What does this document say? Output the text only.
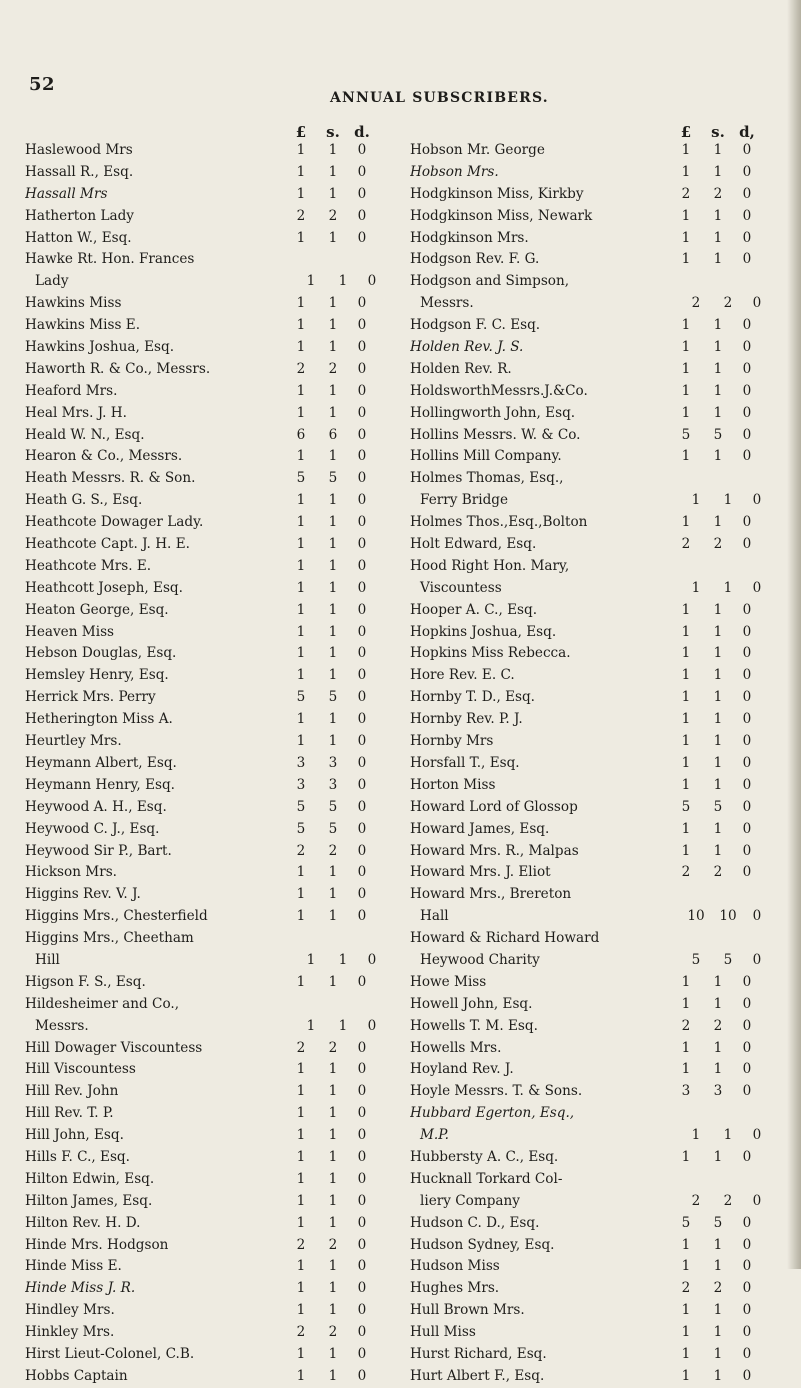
52
ANNUAL SUBSCRIBERS.
£	s. d.
Haslewood Mrs	1	1	0
Hassall R., Esq.	1	1	0
Hassall Mrs	1	1	0
Hatherton Lady	2	2	0
Hatton W., Esq.	1	1	0
Hawke Rt. Hon. Frances
Lady	1	1	0
Hawkins Miss	1	1	0
Hawkins Miss E.	1	1	0
Hawkins Joshua, Esq.	1	1	0
Haworth R. & Co., Messrs.	2	2	0
Heaford Mrs.	1	1	0
Heal Mrs. J. H.	1	1	0
Heald W. N., Esq.	6	6	0
Hearon & Co., Messrs.	1	1	0
Heath Messrs. R. & Son.	5	5	0
Heath G. S., Esq.	1	1	0
Heathcote Dowager Lady.	1	1	0
Heathcote Capt. J. H. E.	1	1	0
Heathcote Mrs. E.	1	1	0
Heathcott Joseph, Esq.	1	1	0
Heaton George, Esq.	1	1	0
Heaven Miss	1	1	0
Hebson Douglas, Esq.	1	1	0
Hemsley Henry, Esq.	1	1	0
Herrick Mrs. Perry	5	5	0
Hetherington Miss A.	1	1	0
Heurtley Mrs.	1	1	0
Heymann Albert, Esq.	3	3	0
Heymann Henry, Esq.	3	3	0
Heywood A. H., Esq.	5	5	0
Heywood C. J., Esq.	5	5	0
Heywood Sir P., Bart.	2	2	0
Hickson Mrs.	1	1	0
Higgins Rev. V. J.	1	1	0
Higgins Mrs., Chesterfield	1	1	0
Higgins Mrs., Cheetham
Hill	1	1	0
Higson F. S., Esq.	1	1	0
Hildesheimer and Co.,
Messrs.	1	1	0
Hill Dowager Viscountess	2	2	0
Hill Viscountess	1	1	0
Hill Rev. John	1	1	0
Hill Rev. T. P.	1	1	0
Hill John, Esq.	1	1	0
Hills F. C., Esq.	1	1	0
Hilton Edwin, Esq.	1	1	0
Hilton James, Esq.	1	1	0
Hilton Rev. H. D.	1	1	0
Hinde Mrs. Hodgson	2	2	0
Hinde Miss E.	1	1	0
Hinde Miss J. R.	1	1	0
Hindley Mrs.	1	1	0
Hinkley Mrs.	2	2	0
Hirst Lieut-Colonel, C.B.	1	1	0
Hobbs Captain	1	1	0
£	s. d,
Hobson Mr. George	1	1	0
Hobson Mrs.	1	1	0
Hodgkinson Miss, Kirkby	2	2	0
Hodgkinson Miss, Newark	1	1	0
Hodgkinson Mrs.	1	1	0
Hodgson Rev. F. G.	1	1	0
Hodgson and Simpson,
Messrs.	2	2	0
Hodgson F. C. Esq.	1	1	0
Holden Rev. J. S.	1	1	0
Holden Rev. R.	1	1	0
HoldsworthMessrs.J.&Co.	1	1	0
Hollingworth John, Esq.	1	1	0
Hollins Messrs. W. & Co.	5	5	0
Hollins Mill Company.	1	1	0
Holmes Thomas, Esq.,
Ferry Bridge	1	1	0
Holmes Thos.,Esq.,Bolton	1	1	0
Holt Edward, Esq.	2	2	0
Hood Right Hon. Mary,
Viscountess	1	1	0
Hooper A. C., Esq.	1	1	0
Hopkins Joshua, Esq.	1	1	0
Hopkins Miss Rebecca.	1	1	0
Hore Rev. E. C.	1	1	0
Hornby T. D., Esq.	1	1	0
Hornby Rev. P. J.	1	1	0
Hornby Mrs	1	1	0
Horsfall T., Esq.	1	1	0
Horton Miss	1	1	0
Howard Lord of Glossop	5	5	0
Howard James, Esq.	1	1	0
Howard Mrs. R., Malpas	1	1	0
Howard Mrs. J. Eliot	2	2	0
Howard Mrs., Brereton
Hall	10	10	0
Howard & Richard Howard
Heywood Charity	5	5	0
Howe Miss	1	1	0
Howell John, Esq.	1	1	0
Howells T. M. Esq.	2	2	0
Howells Mrs.	1	1	0
Hoyland Rev. J.	1	1	0
Hoyle Messrs. T. & Sons.	3	3	0
Hubbard Egerton, Esq.,
M.P.	1	1	0
Hubbersty A. C., Esq.	1	1	0
Hucknall Torkard Col-
liery Company	2	2	0
Hudson C. D., Esq.	5	5	0
Hudson Sydney, Esq.	1	1	0
Hudson Miss	1	1	0
Hughes Mrs.	2	2	0
Hull Brown Mrs.	1	1	0
Hull Miss	1	1	0
Hurst Richard, Esq.	1	1	0
Hurt Albert F., Esq.	1	1	0
